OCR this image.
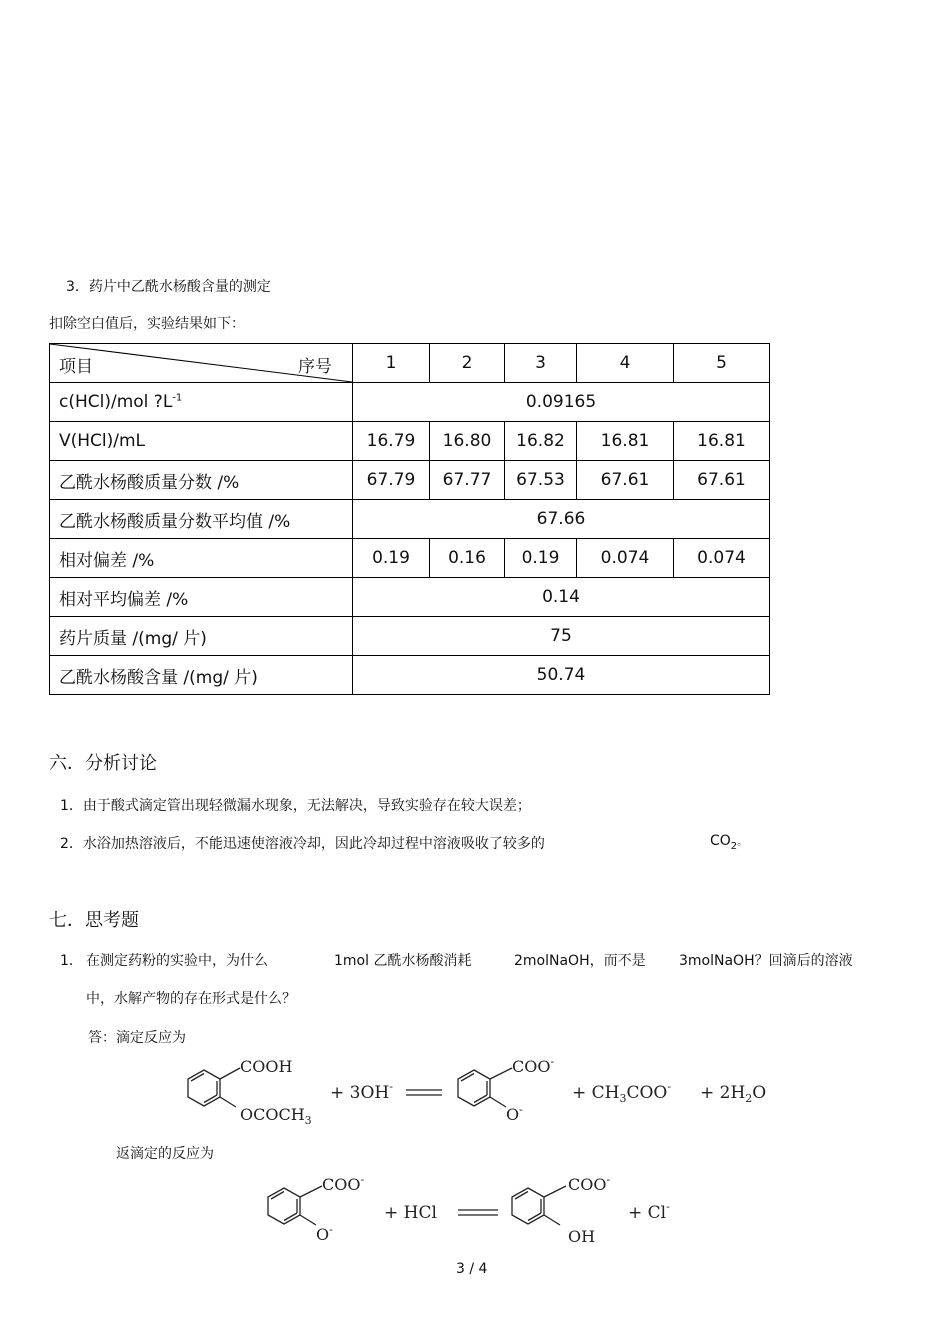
3．药片中乙酰水杨酸含量的测定
扣除空白值后，实验结果如下：
项目 序号	1	2	3	4	5
c(HCl)/mol $?L^{-1}$	0.09165				
V(HCl)/mL	16.79	16.80	16.82	16.81	16.81
乙酰水杨酸质量分数 /%	67.79	67.77	67.53	67.61	67.61
乙酰水杨酸质量分数平均值 /%	67.66				
相对偏差 /%	0.19	0.16	0.19	0.074	0.074
相对平均偏差 /%	0.14				
药片质量 /(mg/ 片)	75				
乙酰水杨酸含量 /(mg/ 片)	50.74				
六．分析讨论
1．由于酸式滴定管出现轻微漏水现象，无法解决，导致实验存在较大误差；
2．水浴加热溶液后，不能迅速使溶液冷却，因此冷却过程中溶液吸收了较多的	$CO_2$。
七．思考题
1． 在测定药粉的实验中，为什么	1mol 乙酰水杨酸消耗	2molNaOH，而不是 3molNaOH？回滴后的溶液
中，水解产物的存在形式是什么？
答：滴定反应为
COOH
$OCOCH_3$
+ 3OH-
COO-
O-
+ $CH_3COO^- + 2H_2O$
返滴定的反应为
COO-
O-
+ HCl
COO-
OH
+ Cl-
3 / 4
